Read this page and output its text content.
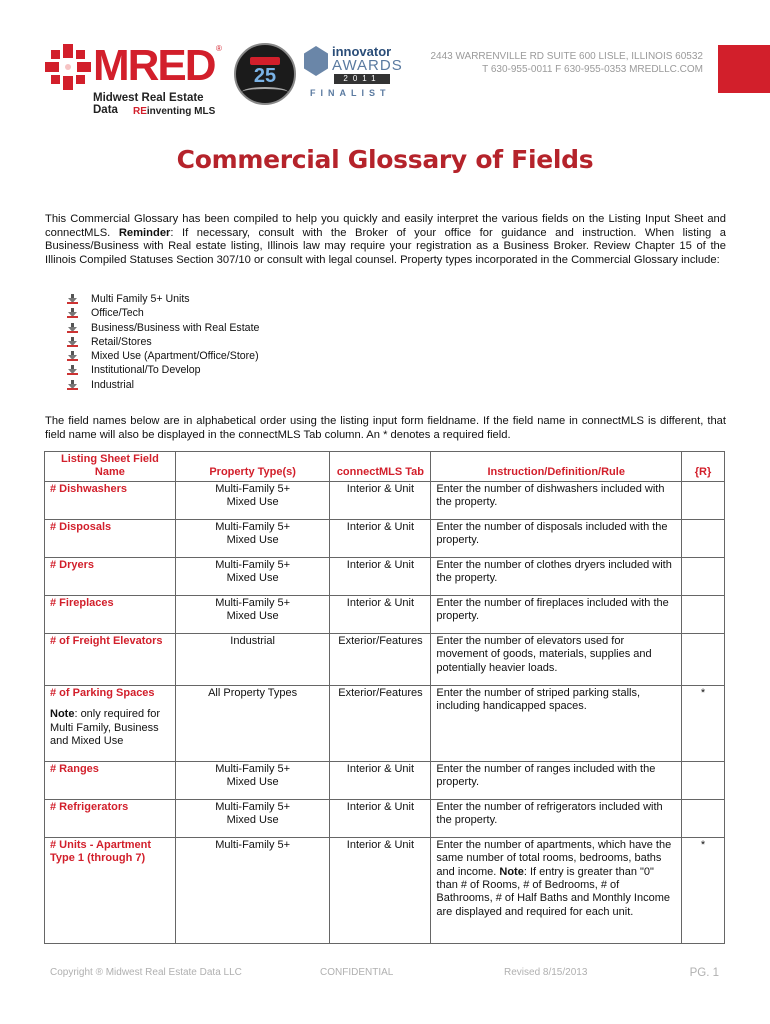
MRED ®
Midwest Real Estate Data	REinventing MLS
25
innovator
AWARDS
2011
FINALIST
2443 WARRENVILLE RD SUITE 600 LISLE, ILLINOIS 60532
T 630-955-0011 F 630-955-0353 MREDLLC.COM
Commercial Glossary of Fields

This Commercial Glossary has been compiled to help you quickly and easily interpret the various fields on the Listing Input Sheet and connectMLS. Reminder: If necessary, consult with the Broker of your office for guidance and instruction. When listing a Business/Business with Real estate listing, Illinois law may require your registration as a Business Broker. Review Chapter 15 of the Illinois Compiled Statuses Section 307/10 or consult with legal counsel. Property types incorporated in the Commercial Glossary include:

Multi Family 5+ Units
Office/Tech
Business/Business with Real Estate
Retail/Stores
Mixed Use (Apartment/Office/Store)
Institutional/To Develop
Industrial

The field names below are in alphabetical order using the listing input form fieldname. If the field name in connectMLS is different, that field name will also be displayed in the connectMLS Tab column. An * denotes a required field.

Listing Sheet Field Name	Property Type(s)	connectMLS Tab	Instruction/Definition/Rule	{R}
# Dishwashers	Multi-Family 5+
Mixed Use	Interior & Unit	Enter the number of dishwashers included with the property.	
# Disposals	Multi-Family 5+
Mixed Use	Interior & Unit	Enter the number of disposals included with the property.	
# Dryers	Multi-Family 5+
Mixed Use	Interior & Unit	Enter the number of clothes dryers included with the property.	
# Fireplaces	Multi-Family 5+
Mixed Use	Interior & Unit	Enter the number of fireplaces included with the property.	
# of Freight Elevators	Industrial	Exterior/Features	Enter the number of elevators used for movement of goods, materials, supplies and potentially heavier loads.	

# of Parking Spaces
Note: only required for Multi Family, Business and Mixed Use	All Property Types	Exterior/Features	Enter the number of striped parking stalls, including handicapped spaces.	*
# Ranges	Multi-Family 5+
Mixed Use	Interior & Unit	Enter the number of ranges included with the property.	
# Refrigerators	Multi-Family 5+
Mixed Use	Interior & Unit	Enter the number of refrigerators included with the property.	
# Units - Apartment Type 1 (through 7)	Multi-Family 5+	Interior & Unit	Enter the number of apartments, which have the same number of total rooms, bedrooms, baths and income. Note: If entry is greater than "0" than # of Rooms, # of Bedrooms, # of Bathrooms, # of Half Baths and Monthly Income are displayed and required for each unit.	*
Copyright ® Midwest Real Estate Data LLC	CONFIDENTIAL	Revised 8/15/2013	PG. 1
